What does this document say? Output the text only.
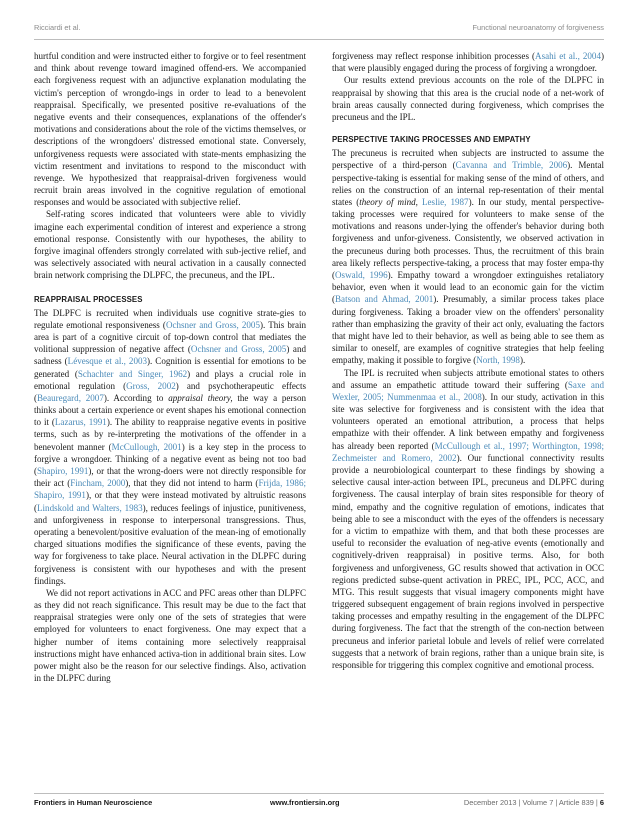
Ricciardi et al.	Functional neuroanatomy of forgiveness

hurtful condition and were instructed either to forgive or to feel resentment and think about revenge toward imagined offend-ers. We accompanied each forgiveness request with an adjunctive explanation modulating the victim's perception of wrongdo-ings in order to lead to a benevolent reappraisal. Specifically, we presented positive re-evaluations of the negative events and their consequences, explanations of the offender's motivations and considerations about the role of the victims themselves, or descriptions of the wrongdoers' distressed emotional state. Conversely, unforgiveness requests were associated with state-ments emphasizing the victim resentment and invitations to respond to the misconduct with revenge. We hypothesized that reappraisal-driven forgiveness would recruit brain areas involved in the cognitive regulation of emotional responses and would be associated with subjective relief.

Self-rating scores indicated that volunteers were able to vividly imagine each experimental condition of interest and experience a strong emotional response. Consistently with our hypotheses, the ability to forgive imaginal offenders strongly correlated with sub-jective relief, and was selectively associated with neural activation in a causally connected brain network comprising the DLPFC, the precuneus, and the IPL.

REAPPRAISAL PROCESSES

The DLPFC is recruited when individuals use cognitive strate-gies to regulate emotional responsiveness (Ochsner and Gross, 2005). This brain area is part of a cognitive circuit of top-down control that mediates the volitional suppression of negative affect (Ochsner and Gross, 2005) and sadness (Lévesque et al., 2003). Cognition is essential for emotions to be generated (Schachter and Singer, 1962) and plays a crucial role in emotional regulation (Gross, 2002) and psychotherapeutic effects (Beauregard, 2007). According to appraisal theory, the way a person thinks about a certain experience or event shapes his emotional connection to it (Lazarus, 1991). The ability to reappraise negative events in positive terms, such as by re-interpreting the motivations of the offender in a benevolent manner (McCullough, 2001) is a key step in the process to forgive a wrongdoer. Thinking of a negative event as being not too bad (Shapiro, 1991), or that the wrong-doers were not directly responsible for their act (Fincham, 2000), that they did not intend to harm (Frijda, 1986; Shapiro, 1991), or that they were instead motivated by altruistic reasons (Lindskold and Walters, 1983), reduces feelings of injustice, punitiveness, and unforgiveness in response to interpersonal transgressions. Thus, operating a benevolent/positive evaluation of the mean-ing of emotionally charged situations modifies the significance of these events, paving the way for forgiveness to take place. Neural activation in the DLPFC during forgiveness is consistent with our hypotheses and with the present findings.

We did not report activations in ACC and PFC areas other than DLPFC as they did not reach significance. This result may be due to the fact that reappraisal strategies were only one of the sets of strategies that were employed for volunteers to enact forgiveness. One may expect that a higher number of items containing more selectively reappraisal instructions might have enhanced activa-tion in additional brain sites. Low power might also be the reason for our selective findings. Also, activation in the DLPFC during

forgiveness may reflect response inhibition processes (Asahi et al., 2004) that were plausibly engaged during the process of forgiving a wrongdoer.

Our results extend previous accounts on the role of the DLPFC in reappraisal by showing that this area is the crucial node of a net-work of brain areas causally connected during forgiveness, which comprises the precuneus and the IPL.

PERSPECTIVE TAKING PROCESSES AND EMPATHY

The precuneus is recruited when subjects are instructed to assume the perspective of a third-person (Cavanna and Trimble, 2006). Mental perspective-taking is essential for making sense of the mind of others, and relies on the construction of an internal rep-resentation of their mental states (theory of mind, Leslie, 1987). In our study, mental perspective-taking processes were required for volunteers to make sense of the motivations and reasons under-lying the offender's behavior during both forgiveness and unfor-giveness. Consistently, we observed activation in the precuneus during both processes. Thus, the recruitment of this brain area likely reflects perspective-taking, a process that may foster empa-thy (Oswald, 1996). Empathy toward a wrongdoer extinguishes retaliatory behavior, even when it would lead to an economic gain for the victim (Batson and Ahmad, 2001). Presumably, a similar process takes place during forgiveness. Taking a broader view on the offenders' personality rather than emphasizing the gravity of their act only, evaluating the factors that might have led to their behavior, as well as being able to see them as similar to oneself, are examples of cognitive strategies that help feeling empathy, making it possible to forgive (North, 1998).

The IPL is recruited when subjects attribute emotional states to others and assume an empathetic attitude toward their suffering (Saxe and Wexler, 2005; Nummenmaa et al., 2008). In our study, activation in this site was selective for forgiveness and is consistent with the idea that volunteers operated an emotional attribution, a process that helps empathize with their offender. A link between empathy and forgiveness has already been reported (McCullough et al., 1997; Worthington, 1998; Zechmeister and Romero, 2002). Our functional connectivity results provide a neurobiological counterpart to these findings by showing a selective causal inter-action between IPL, precuneus and DLPFC during forgiveness. The causal interplay of brain sites responsible for theory of mind, empathy and the cognitive regulation of emotions, indicates that being able to see a misconduct with the eyes of the offenders is necessary for a victim to empathize with them, and that both these processes are useful to reconsider the evaluation of neg-ative events (emotionally and cognitively-driven reappraisal) in positive terms. Also, for both forgiveness and unforgiveness, GC results showed that activation in OCC regions predicted subse-quent activation in PREC, IPL, PCC, ACC, and MTG. This result suggests that visual imagery components might have triggered subsequent engagement of brain regions involved in perspective taking processes and empathy resulting in the engagement of the DLPFC during forgiveness. The fact that the strength of the con-nection between precuneus and inferior parietal lobule and levels of relief were correlated suggests that a network of brain regions, rather than a unique brain site, is responsible for triggering this complex cognitive and emotional process.

Frontiers in Human Neuroscience	www.frontiersin.org	December 2013 | Volume 7 | Article 839 | 6
